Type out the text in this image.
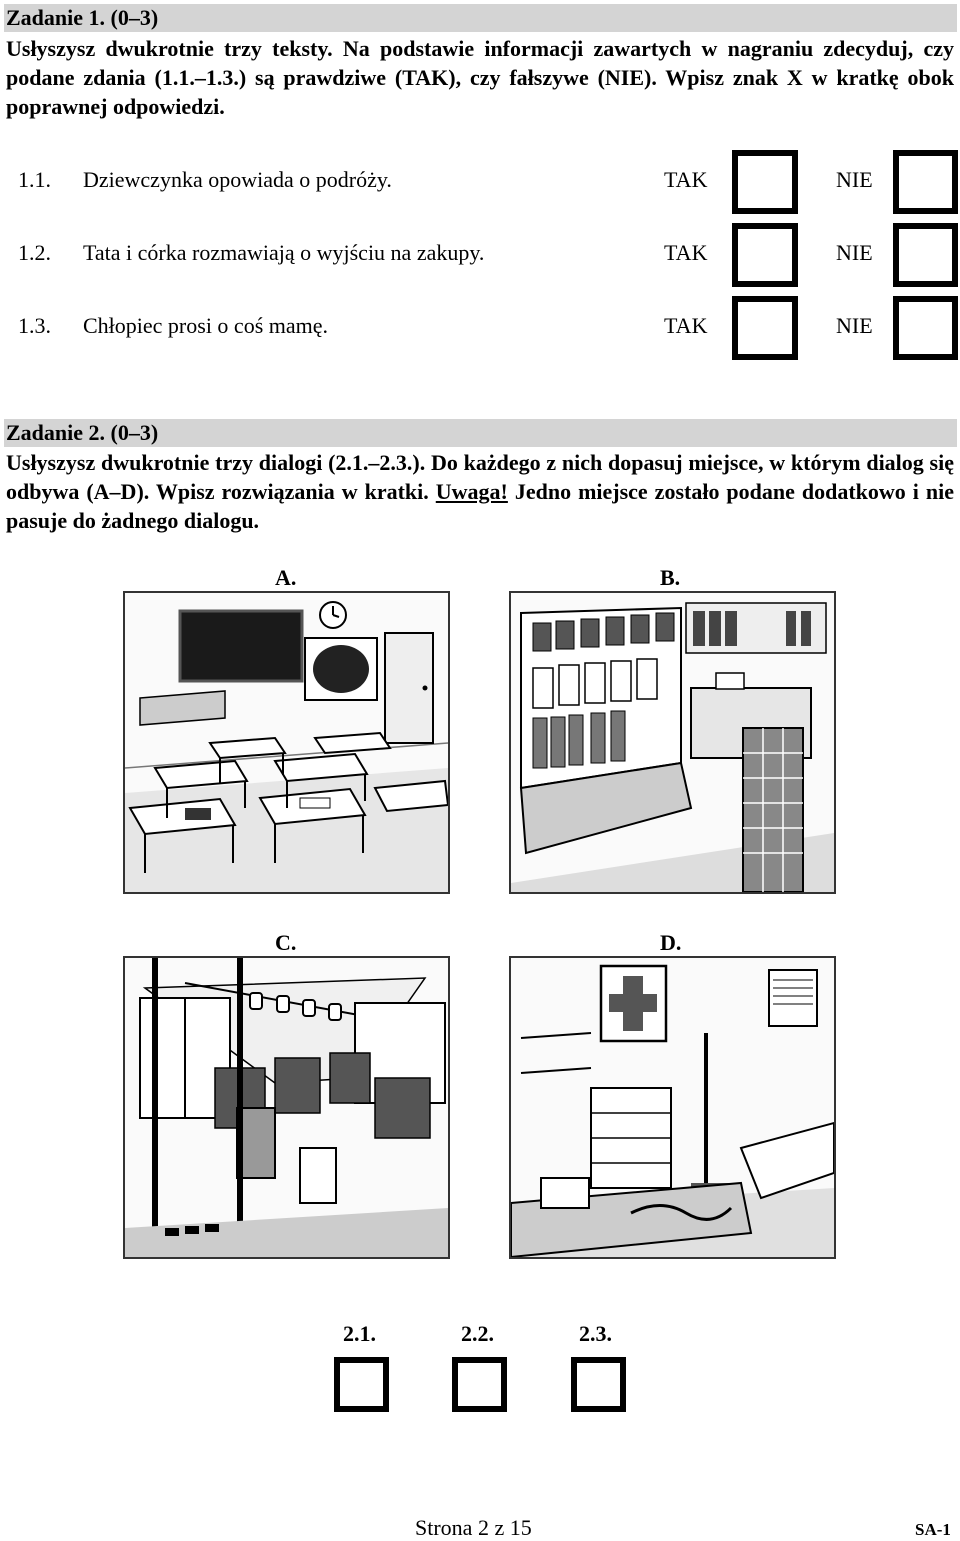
Zadanie 1. (0–3)
Usłyszysz dwukrotnie trzy teksty. Na podstawie informacji zawartych w nagraniu zdecyduj, czy podane zdania (1.1.–1.3.) są prawdziwe (TAK), czy fałszywe (NIE). Wpisz znak X w kratkę obok poprawnej odpowiedzi.
1.1. Dziewczynka opowiada o podróży.	TAK	NIE
1.2. Tata i córka rozmawiają o wyjściu na zakupy.	TAK	NIE
1.3. Chłopiec prosi o coś mamę.	TAK	NIE
Zadanie 2. (0–3)
Usłyszysz dwukrotnie trzy dialogi (2.1.–2.3.). Do każdego z nich dopasuj miejsce, w którym dialog się odbywa (A–D). Wpisz rozwiązania w kratki. Uwaga! Jedno miejsce zostało podane dodatkowo i nie pasuje do żadnego dialogu.
A.	B.
C.	D.
2.1.	2.2.	2.3.
Strona 2 z 15	SA-1
